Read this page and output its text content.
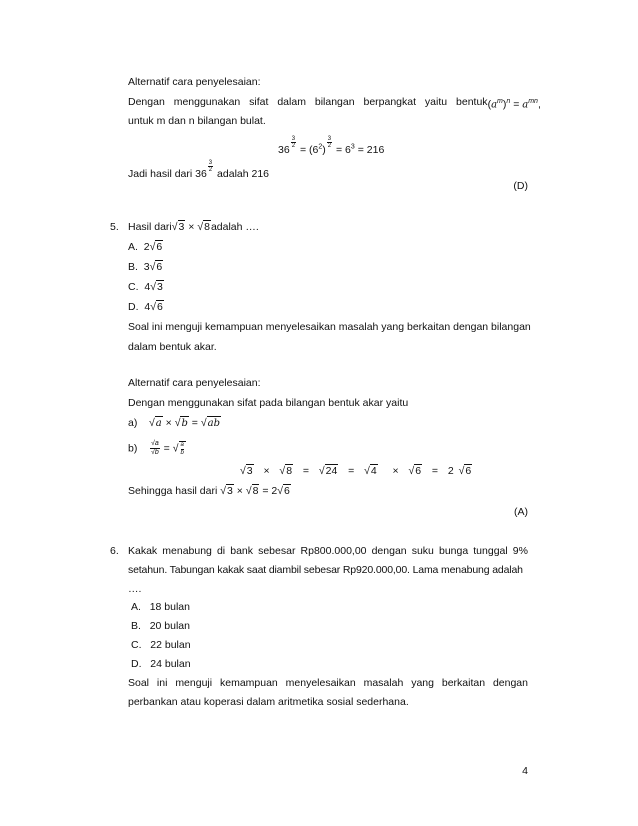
Alternatif cara penyelesaian:
Dengan menggunakan sifat dalam bilangan berpangkat yaitu bentuk $(a^m)^n = a^{mn}$,
untuk m dan n bilangan bulat.
36
$\frac{3}{2}$
= $(6^2)$
$\frac{3}{2}$
= $6^3 = 216$
Jadi hasil dari 36
$\frac{3}{2}$
adalah 216
(D)
5. Hasil dari√3 × √8adalah ….
A. 2√6
B. 3√6
C. 4√3
D. 4√6
Soal ini menguji kemampuan menyelesaikan masalah yang berkaitan dengan bilangan
dalam bentuk akar.
Alternatif cara penyelesaian:
Dengan menggunakan sifat pada bilangan bentuk akar yaitu
a) √a × √b = √ab
$b) \frac{√a}{√b}$ = √ $\frac{a}{b}$
√3  ×  √8  =  √24  =  √4   ×  √6  =  2 √6
Sehingga hasil dari √3 × √8 = 2√6
(A)
6. Kakak menabung di bank sebesar Rp800.000,00 dengan suku bunga tunggal 9%
setahun. Tabungan kakak saat diambil sebesar Rp920.000,00. Lama menabung adalah
….
A. 18 bulan
B. 20 bulan
C. 22 bulan
D. 24 bulan
Soal ini menguji kemampuan menyelesaikan masalah yang berkaitan dengan
perbankan atau koperasi dalam aritmetika sosial sederhana.
4
